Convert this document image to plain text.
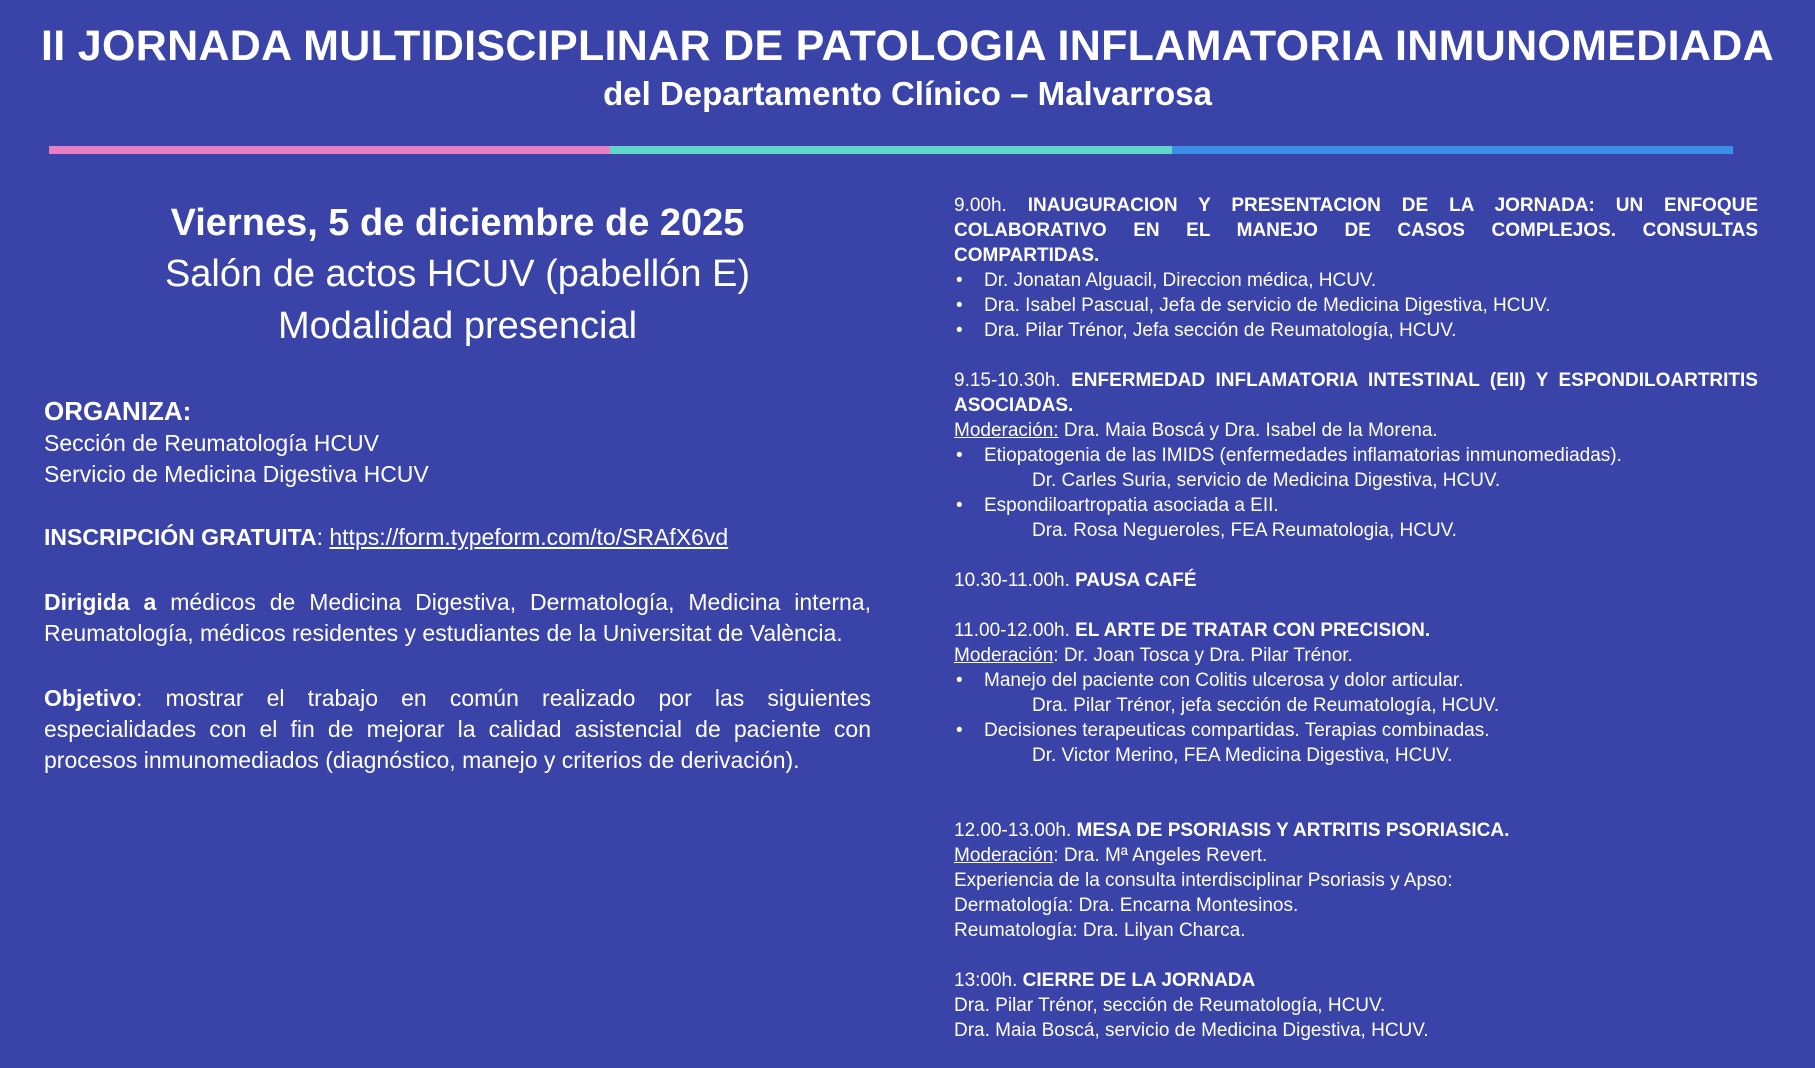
II JORNADA MULTIDISCIPLINAR DE PATOLOGIA INFLAMATORIA INMUNOMEDIADA
del Departamento Clínico – Malvarrosa
Viernes, 5 de diciembre de 2025
Salón de actos HCUV (pabellón E)
Modalidad presencial
ORGANIZA:
Sección de Reumatología HCUV
Servicio de Medicina Digestiva HCUV
INSCRIPCIÓN GRATUITA: https://form.typeform.com/to/SRAfX6vd
Dirigida a médicos de Medicina Digestiva, Dermatología, Medicina interna, Reumatología, médicos residentes y estudiantes de la Universitat de València.
Objetivo: mostrar el trabajo en común realizado por las siguientes especialidades con el fin de mejorar la calidad asistencial de paciente con procesos inmunomediados (diagnóstico, manejo y criterios de derivación).
9.00h. INAUGURACION Y PRESENTACION DE LA JORNADA: UN ENFOQUE COLABORATIVO EN EL MANEJO DE CASOS COMPLEJOS. CONSULTAS COMPARTIDAS.
• Dr. Jonatan Alguacil, Direccion médica, HCUV.
• Dra. Isabel Pascual, Jefa de servicio de Medicina Digestiva, HCUV.
• Dra. Pilar Trénor, Jefa sección de Reumatología, HCUV.
9.15-10.30h. ENFERMEDAD INFLAMATORIA INTESTINAL (EII) Y ESPONDILOARTRITIS ASOCIADAS.
Moderación: Dra. Maia Boscá y Dra. Isabel de la Morena.
• Etiopatogenia de las IMIDS (enfermedades inflamatorias inmunomediadas).
Dr. Carles Suria, servicio de Medicina Digestiva, HCUV.
• Espondiloartropatia asociada a EII.
Dra. Rosa Negueroles, FEA Reumatologia, HCUV.
10.30-11.00h. PAUSA CAFÉ
11.00-12.00h. EL ARTE DE TRATAR CON PRECISION.
Moderación: Dr. Joan Tosca y Dra. Pilar Trénor.
• Manejo del paciente con Colitis ulcerosa y dolor articular.
Dra. Pilar Trénor, jefa sección de Reumatología, HCUV.
• Decisiones terapeuticas compartidas. Terapias combinadas.
Dr. Victor Merino, FEA Medicina Digestiva, HCUV.
12.00-13.00h. MESA DE PSORIASIS Y ARTRITIS PSORIASICA.
Moderación: Dra. Mª Angeles Revert.
Experiencia de la consulta interdisciplinar Psoriasis y Apso:
Dermatología: Dra. Encarna Montesinos.
Reumatología: Dra. Lilyan Charca.
13:00h. CIERRE DE LA JORNADA
Dra. Pilar Trénor, sección de Reumatología, HCUV.
Dra. Maia Boscá, servicio de Medicina Digestiva, HCUV.
